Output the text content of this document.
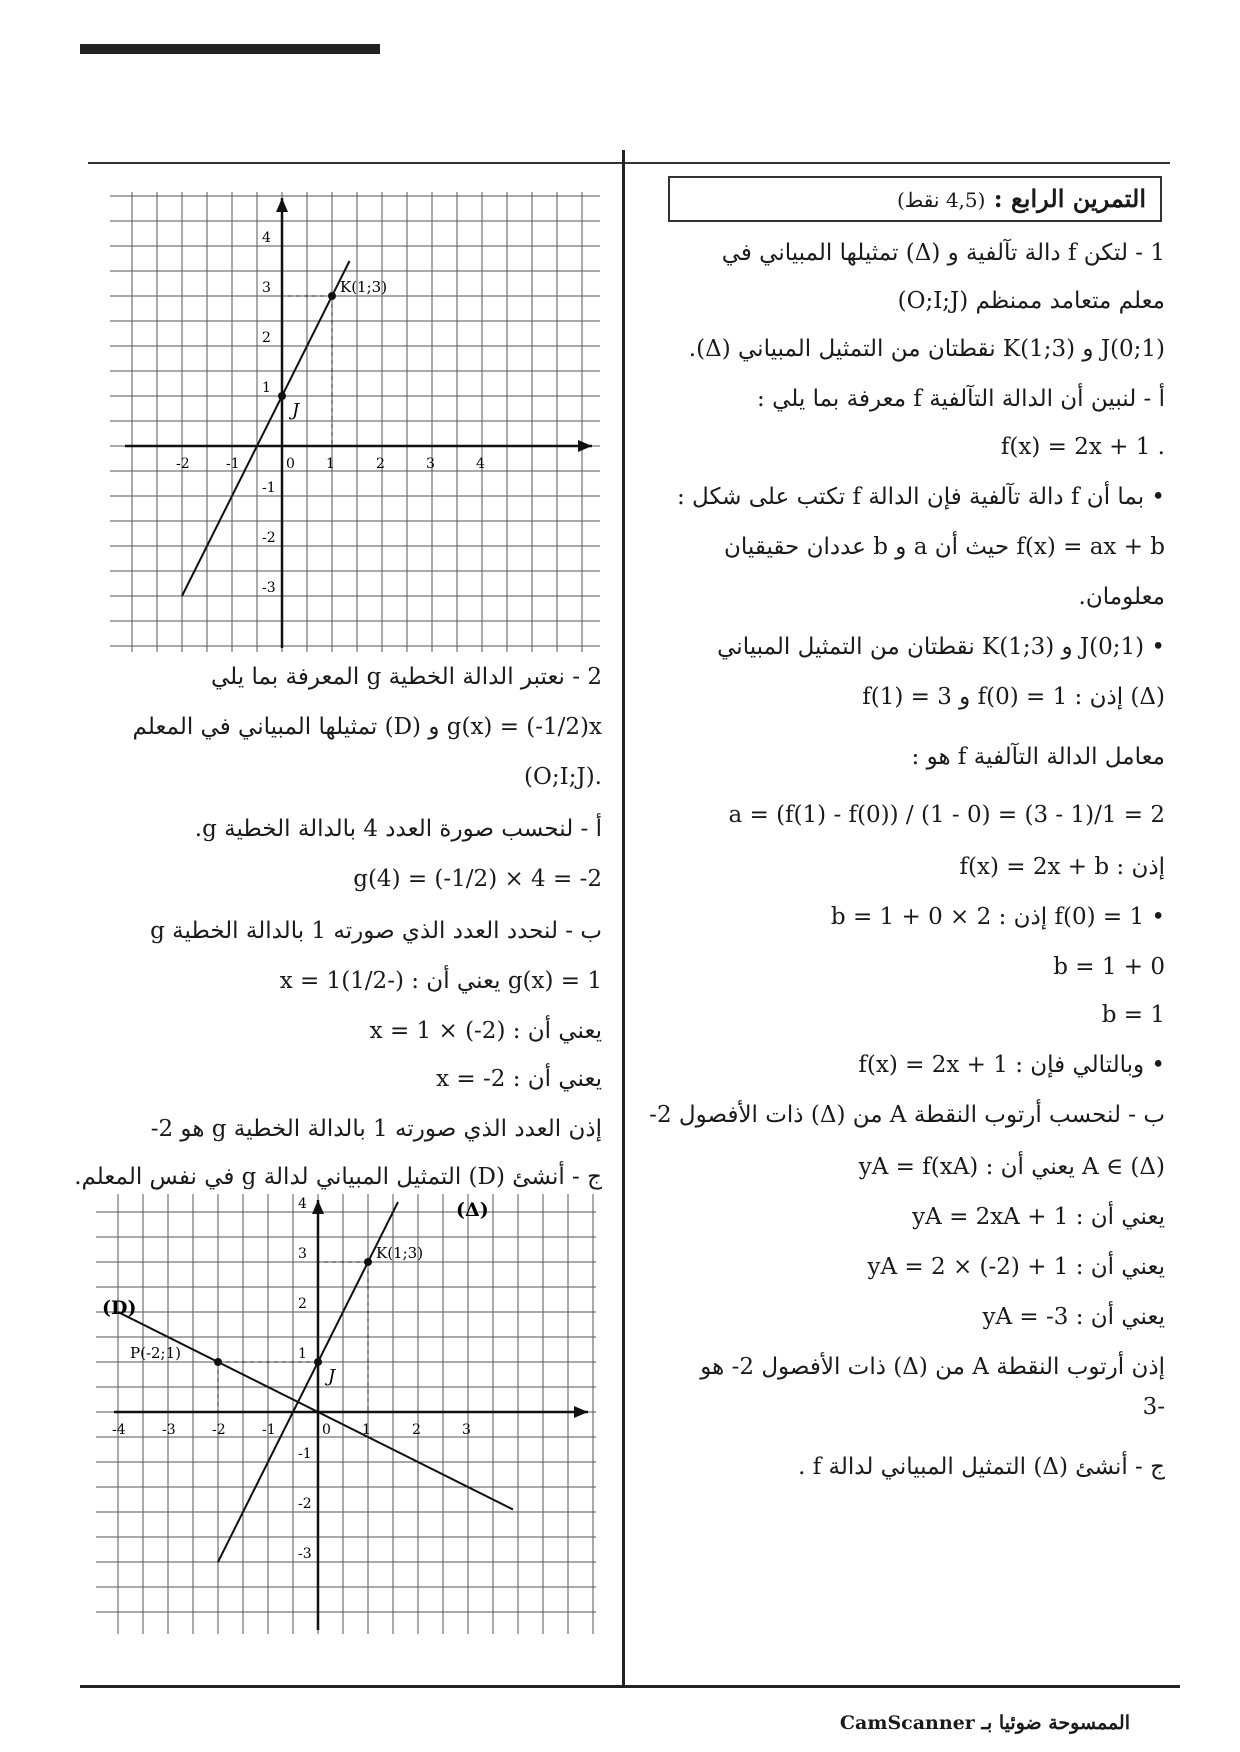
التمرين الرابع : (4,5 نقط)
1 - لتكن f دالة تآلفية و (Δ) تمثيلها المبياني في
معلم متعامد ممنظم (O;I;J)
J(0;1) و K(1;3) نقطتان من التمثيل المبياني (Δ).
أ - لنبين أن الدالة التآلفية f معرفة بما يلي :
. f(x) = 2x + 1
• بما أن f دالة تآلفية فإن الدالة f تكتب على شكل :
f(x) = ax + b حيث أن a و b عددان حقيقيان
معلومان.
• J(0;1) و K(1;3) نقطتان من التمثيل المبياني
(Δ) إذن : f(0) = 1 و f(1) = 3
معامل الدالة التآلفية f هو :
a = (f(1) - f(0)) / (1 - 0) = (3 - 1)/1 = 2
إذن : f(x) = 2x + b
• f(0) = 1 إذن : 2 × 0 + b = 1
0 + b = 1
b = 1
• وبالتالي فإن : f(x) = 2x + 1
ب - لنحسب أرتوب النقطة A من (Δ) ذات الأفصول 2-
A ∈ (Δ) يعني أن : yA = f(xA)
يعني أن : yA = 2xA + 1
يعني أن : yA = 2 × (-2) + 1
يعني أن : yA = -3
إذن أرتوب النقطة A من (Δ) ذات الأفصول 2- هو
-3
ج - أنشئ (Δ) التمثيل المبياني لدالة f .
2 - نعتبر الدالة الخطية g المعرفة بما يلي
g(x) = (-1/2)x و (D) تمثيلها المبياني في المعلم
.(O;I;J)
أ - لنحسب صورة العدد 4 بالدالة الخطية g.
g(4) = (-1/2) × 4 = -2
ب - لنحدد العدد الذي صورته 1 بالدالة الخطية g
g(x) = 1 يعني أن : (-1/2)x = 1
يعني أن : x = 1 × (-2)
يعني أن : x = -2
إذن العدد الذي صورته 1 بالدالة الخطية g هو 2-
ج - أنشئ (D) التمثيل المبياني لدالة g في نفس المعلم.
-2	-1	0 1	2	3	4
4
3
2
1
-1
-2
-3
K(1;3)
J
-4	-3	-2	-1	0 1	2	3
4
3
2
1
-1
-2
-3
(Δ)
(D)
K(1;3)
P(-2;1)
J
الممسوحة ضوئيا بـ CamScanner
